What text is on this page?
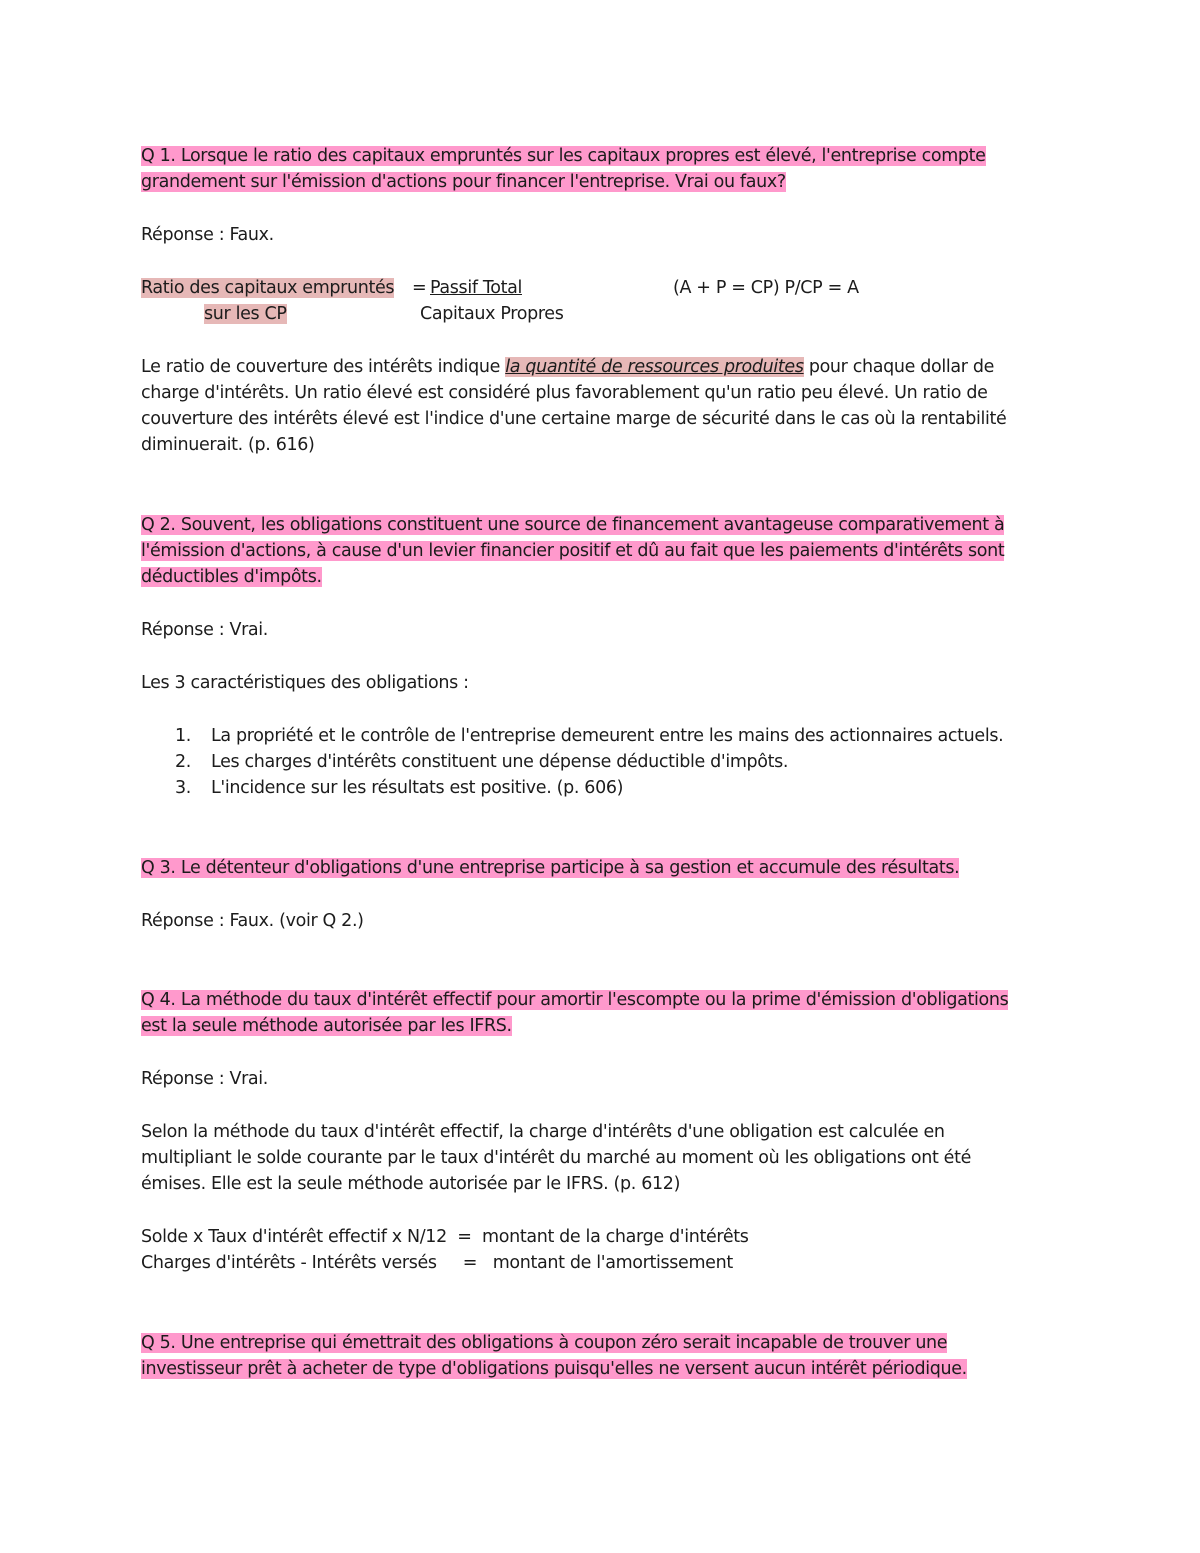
Q 1. Lorsque le ratio des capitaux empruntés sur les capitaux propres est élevé, l'entreprise compte
grandement sur l'émission d'actions pour financer l'entreprise. Vrai ou faux?
Réponse : Faux.
Ratio des capitaux empruntés = Passif Total	(A + P = CP) P/CP = A
sur les CP	Capitaux Propres
Le ratio de couverture des intérêts indique la quantité de ressources produites pour chaque dollar de
charge d'intérêts. Un ratio élevé est considéré plus favorablement qu'un ratio peu élevé. Un ratio de
couverture des intérêts élevé est l'indice d'une certaine marge de sécurité dans le cas où la rentabilité
diminuerait. (p. 616)
Q 2. Souvent, les obligations constituent une source de financement avantageuse comparativement à
l'émission d'actions, à cause d'un levier financier positif et dû au fait que les paiements d'intérêts sont
déductibles d'impôts.
Réponse : Vrai.
Les 3 caractéristiques des obligations :
1. La propriété et le contrôle de l'entreprise demeurent entre les mains des actionnaires actuels.
2. Les charges d'intérêts constituent une dépense déductible d'impôts.
3. L'incidence sur les résultats est positive. (p. 606)
Q 3. Le détenteur d'obligations d'une entreprise participe à sa gestion et accumule des résultats.
Réponse : Faux. (voir Q 2.)
Q 4. La méthode du taux d'intérêt effectif pour amortir l'escompte ou la prime d'émission d'obligations
est la seule méthode autorisée par les IFRS.
Réponse : Vrai.
Selon la méthode du taux d'intérêt effectif, la charge d'intérêts d'une obligation est calculée en
multipliant le solde courante par le taux d'intérêt du marché au moment où les obligations ont été
émises. Elle est la seule méthode autorisée par le IFRS. (p. 612)
Solde x Taux d'intérêt effectif x N/12  =  montant de la charge d'intérêts
Charges d'intérêts - Intérêts versés     =   montant de l'amortissement
Q 5. Une entreprise qui émettrait des obligations à coupon zéro serait incapable de trouver une
investisseur prêt à acheter de type d'obligations puisqu'elles ne versent aucun intérêt périodique.
